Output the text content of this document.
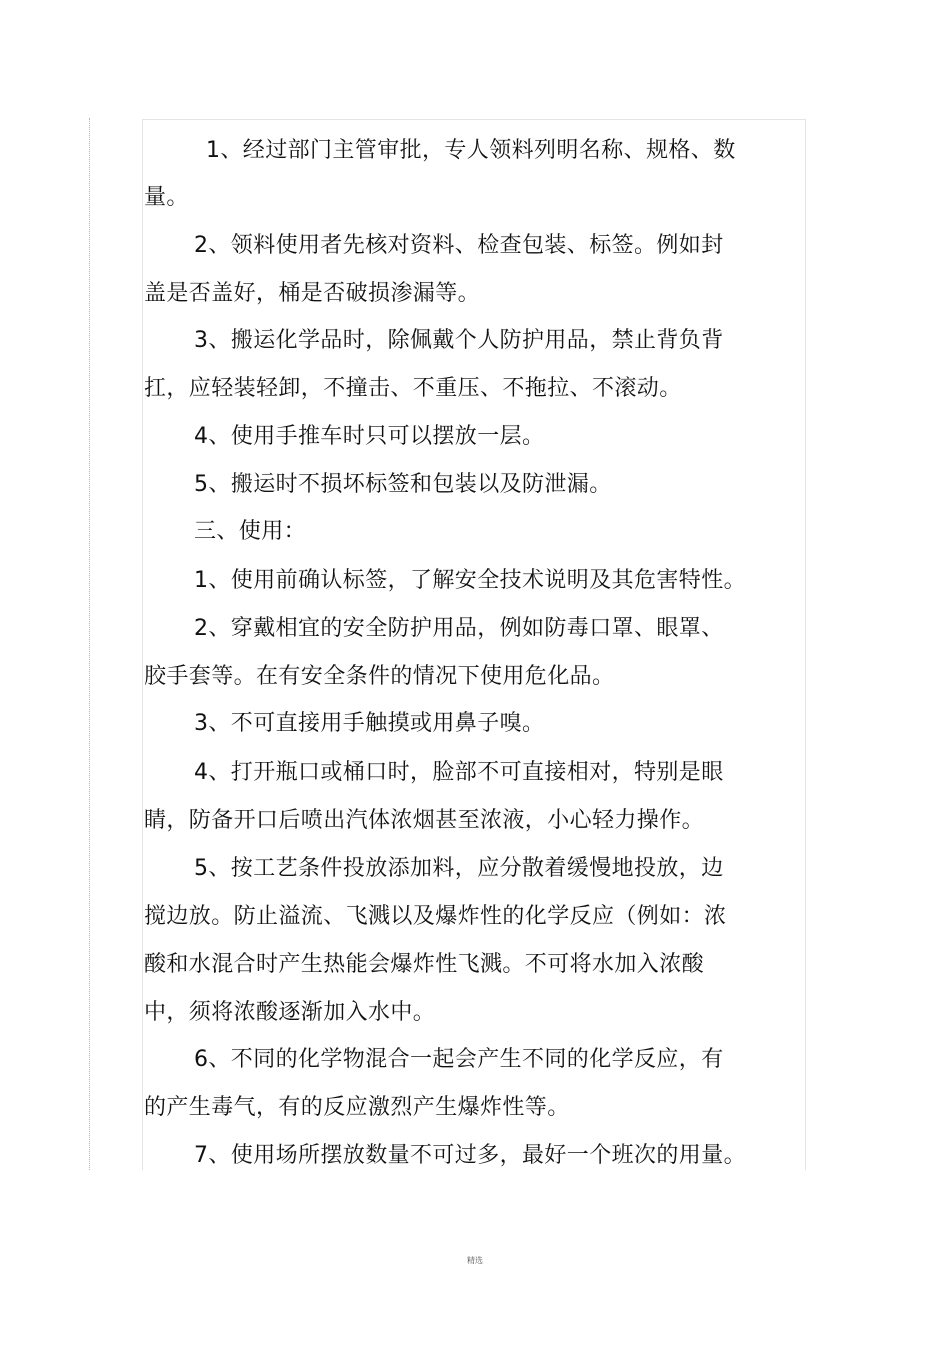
1、经过部门主管审批，专人领料列明名称、规格、数
量。
2、领料使用者先核对资料、检查包装、标签。例如封
盖是否盖好，桶是否破损渗漏等。
3、搬运化学品时，除佩戴个人防护用品，禁止背负背
扛，应轻装轻卸，不撞击、不重压、不拖拉、不滚动。
4、使用手推车时只可以摆放一层。
5、搬运时不损坏标签和包装以及防泄漏。
三、使用：
1、使用前确认标签，了解安全技术说明及其危害特性。
2、穿戴相宜的安全防护用品，例如防毒口罩、眼罩、
胶手套等。在有安全条件的情况下使用危化品。
3、不可直接用手触摸或用鼻子嗅。
4、打开瓶口或桶口时，脸部不可直接相对，特别是眼
睛，防备开口后喷出汽体浓烟甚至浓液，小心轻力操作。
5、按工艺条件投放添加料，应分散着缓慢地投放，边
搅边放。防止溢流、飞溅以及爆炸性的化学反应（例如：浓
酸和水混合时产生热能会爆炸性飞溅。不可将水加入浓酸
中，须将浓酸逐渐加入水中。
6、不同的化学物混合一起会产生不同的化学反应，有
的产生毒气，有的反应激烈产生爆炸性等。
7、使用场所摆放数量不可过多，最好一个班次的用量。
精选
